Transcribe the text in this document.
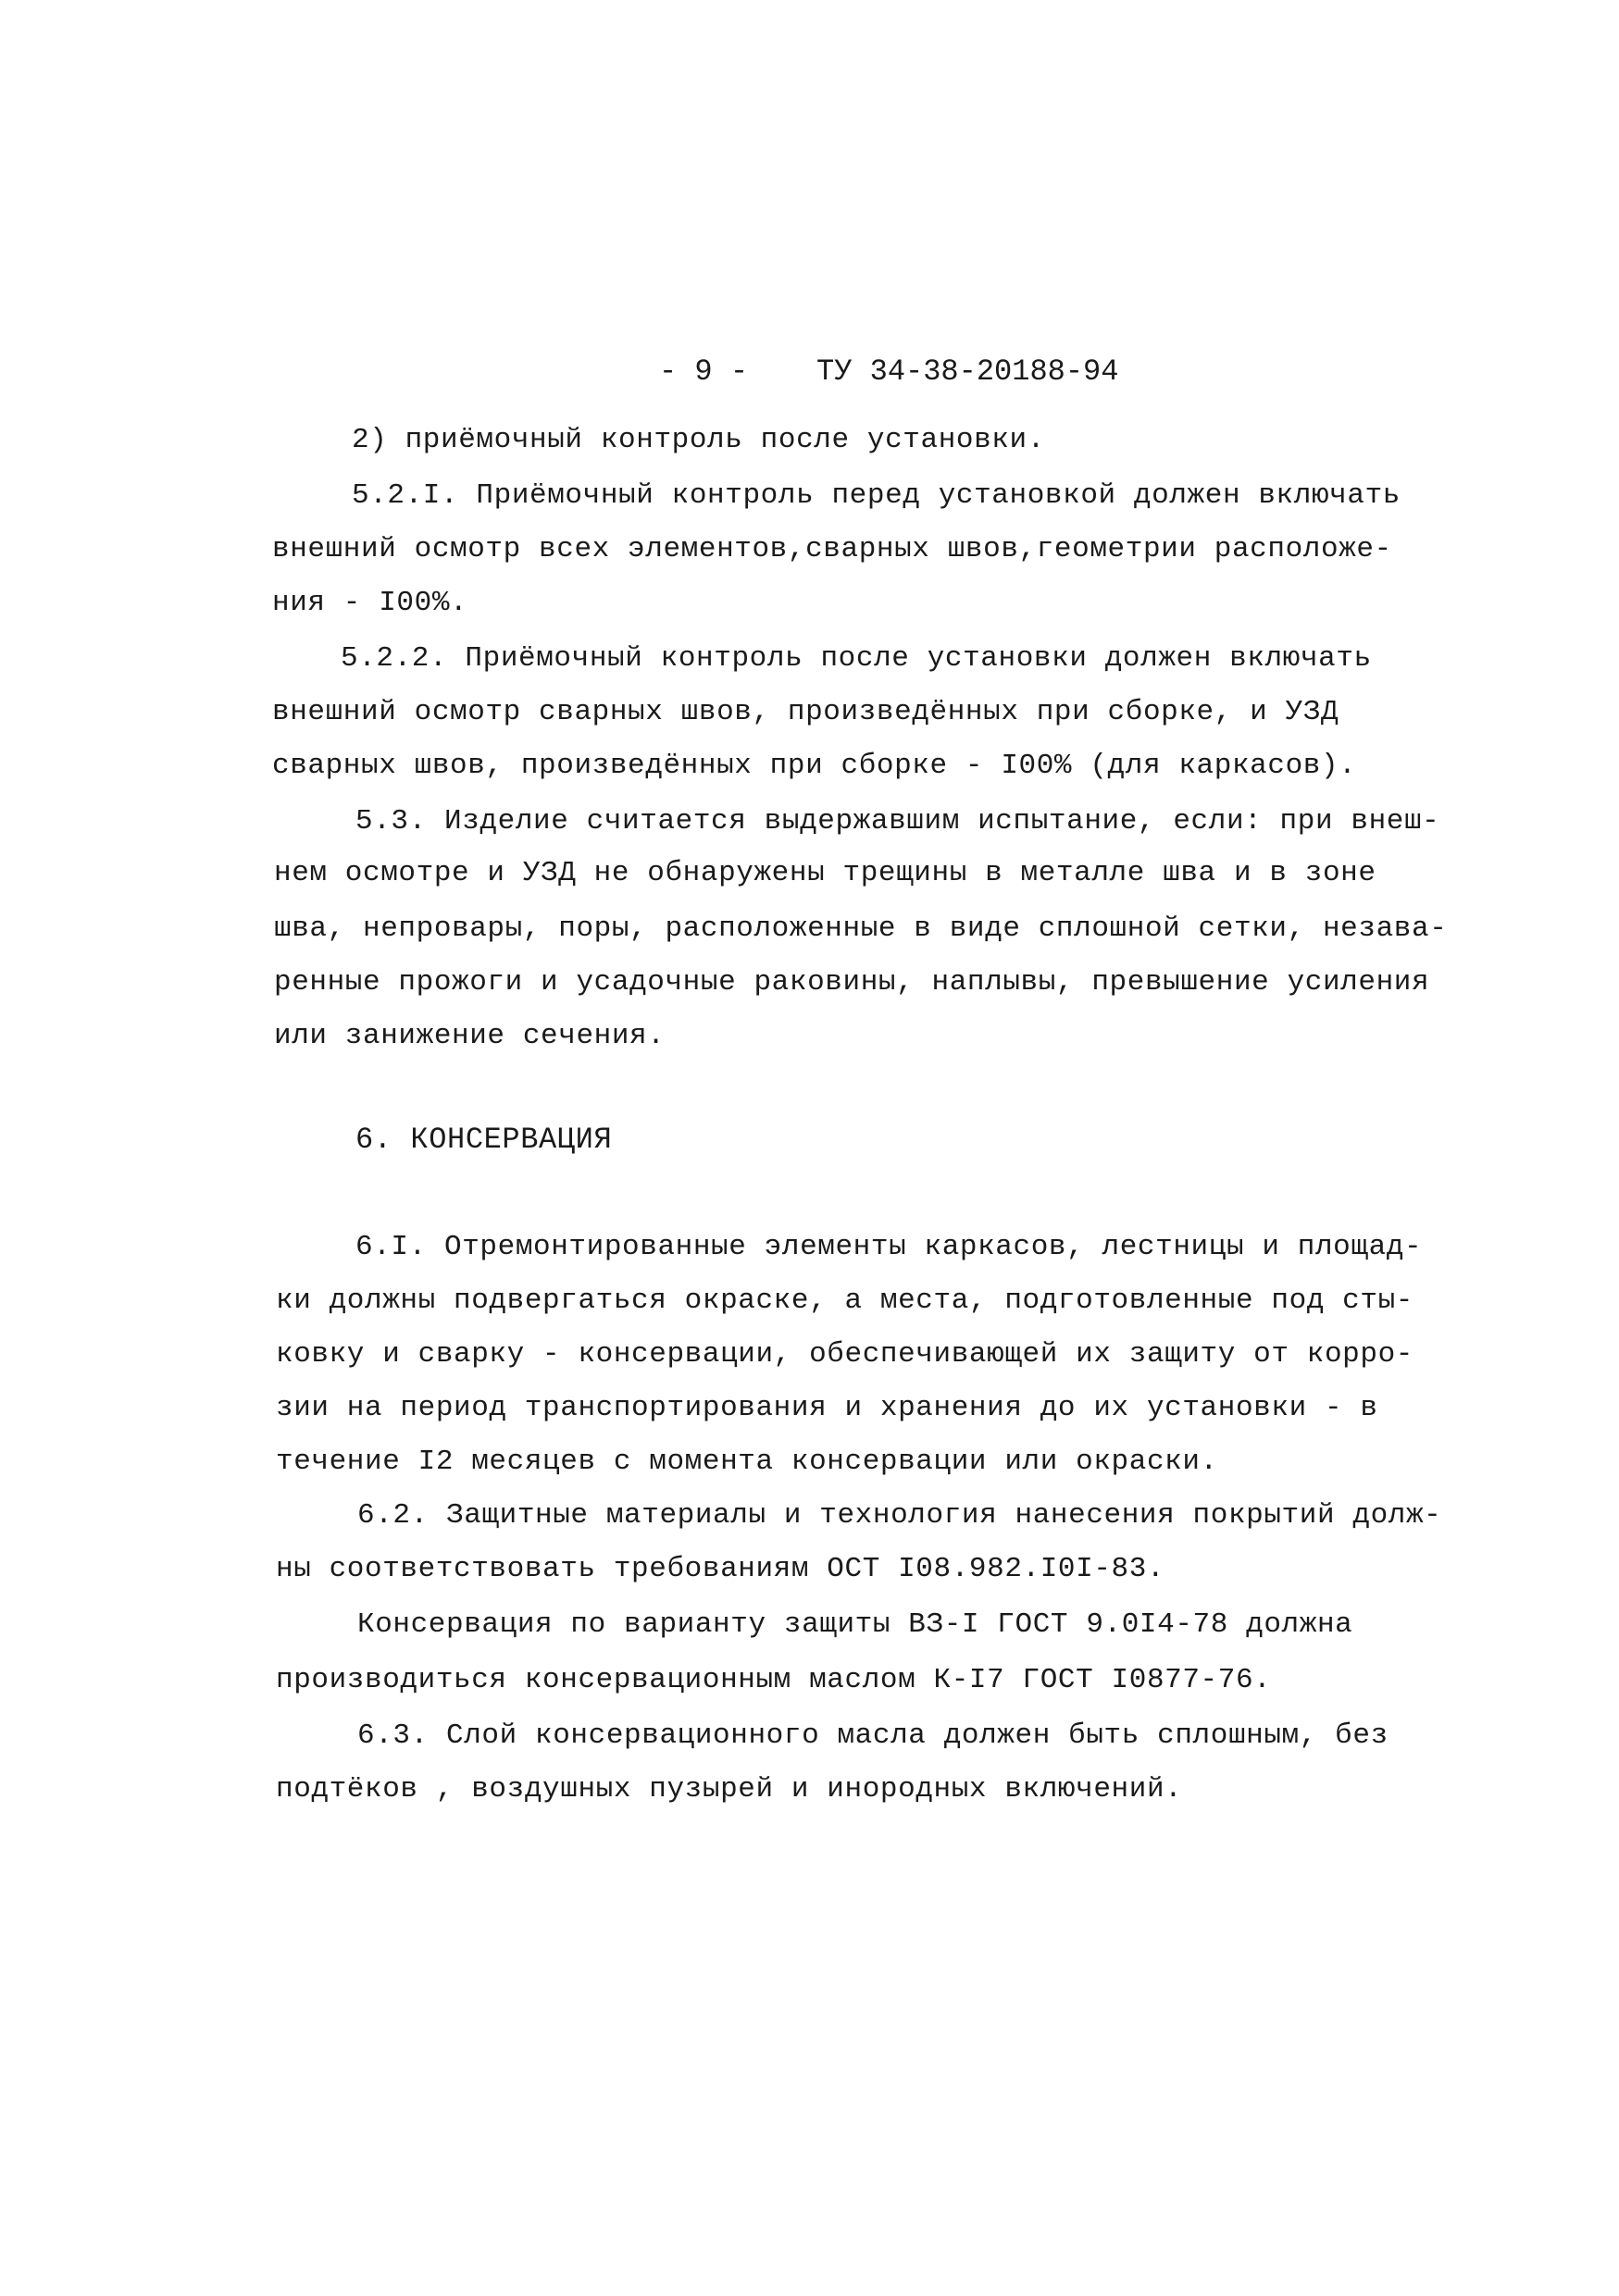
- 9 - ТУ 34-38-20188-94
2) приёмочный контроль после установки.
5.2.I. Приёмочный контроль перед установкой должен включать
внешний осмотр всех элементов,сварных швов,геометрии расположе-
ния - I00%.
5.2.2. Приёмочный контроль после установки должен включать
внешний осмотр сварных швов, произведённых при сборке, и УЗД
сварных швов, произведённых при сборке - I00% (для каркасов).
5.3. Изделие считается выдержавшим испытание, если: при внеш-
нем осмотре и УЗД не обнаружены трещины в металле шва и в зоне
шва, непровары, поры, расположенные в виде сплошной сетки, незава-
ренные прожоги и усадочные раковины, наплывы, превышение усиления
или занижение сечения.
6. КОНСЕРВАЦИЯ
6.I. Отремонтированные элементы каркасов, лестницы и площад-
ки должны подвергаться окраске, а места, подготовленные под сты-
ковку и сварку - консервации, обеспечивающей их защиту от корро-
зии на период транспортирования и хранения до их установки - в
течение I2 месяцев с момента консервации или окраски.
6.2. Защитные материалы и технология нанесения покрытий долж-
ны соответствовать требованиям ОСТ I08.982.I0I-83.
Консервация по варианту защиты ВЗ-I ГОСТ 9.0I4-78 должна
производиться консервационным маслом К-I7 ГОСТ I0877-76.
6.3. Слой консервационного масла должен быть сплошным, без
подтёков , воздушных пузырей и инородных включений.
